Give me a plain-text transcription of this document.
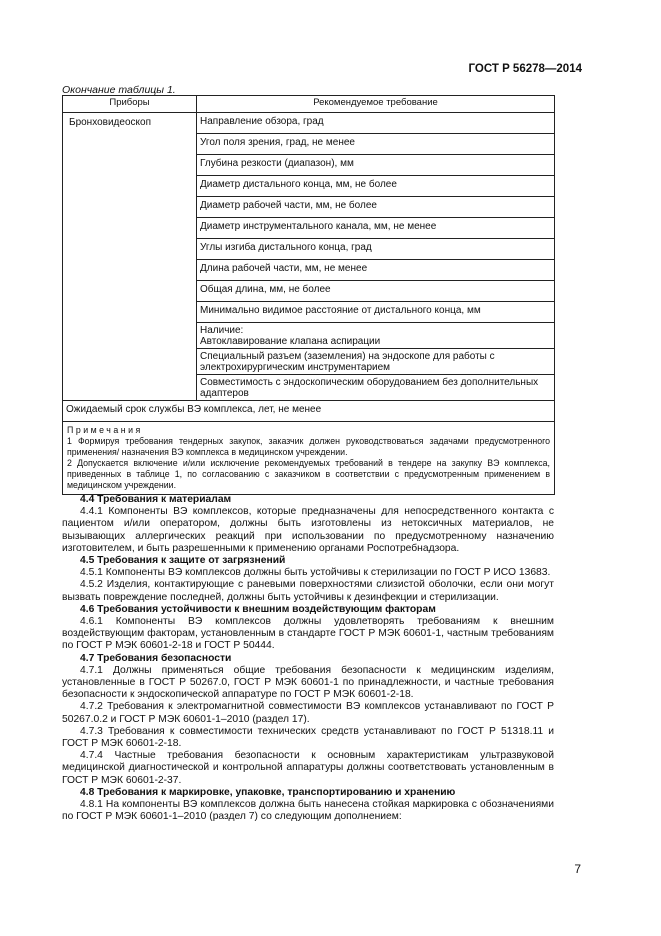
ГОСТ Р 56278—2014
Окончание таблицы 1.
Приборы	Рекомендуемое требование
Бронховидеоскоп	Направление обзора, град
	Угол поля зрения, град, не менее
	Глубина резкости (диапазон), мм
	Диаметр дистального конца, мм, не более
	Диаметр рабочей части, мм, не более
	Диаметр инструментального канала, мм, не менее
	Углы изгиба дистального конца, град
	Длина рабочей части, мм, не менее
	Общая длина, мм, не более
	Минимально видимое расстояние от дистального конца, мм

	Наличие:
Автоклавирование клапана аспирации

	Специальный разъем (заземления) на эндоскопе для работы с электрохирургическим инструментарием
	Совместимость с эндоскопическим оборудованием без дополнительных адаптеров
Ожидаемый срок службы ВЭ комплекса, лет, не менее	

Примечания
1 Формируя требования тендерных закупок, заказчик должен руководствоваться задачами предусмотренного применения/ назначения ВЭ комплекса в медицинском учреждении.
2 Допускается включение и/или исключение рекомендуемых требований в тендере на закупку ВЭ комплекса, приведенных в таблице 1, по согласованию с заказчиком в соответствии с предусмотренным применением в медицинском учреждении.	

4.4 Требования к материалам

4.4.1 Компоненты ВЭ комплексов, которые предназначены для непосредственного контакта с пациентом и/или оператором, должны быть изготовлены из нетоксичных материалов, не вызывающих аллергических реакций при использовании по предусмотренному назначению изготовителем, и быть разрешенными к применению органами Роспотребнадзора.

4.5 Требования к защите от загрязнений

4.5.1 Компоненты ВЭ комплексов должны быть устойчивы к стерилизации по ГОСТ Р ИСО 13683.

4.5.2 Изделия, контактирующие с раневыми поверхностями слизистой оболочки, если они могут вызвать повреждение последней, должны быть устойчивы к дезинфекции и стерилизации.

4.6 Требования устойчивости к внешним воздействующим факторам

4.6.1 Компоненты ВЭ комплексов должны удовлетворять требованиям к внешним воздействующим факторам, установленным в стандарте ГОСТ Р МЭК 60601-1, частным требованиям по ГОСТ Р МЭК 60601-2-18 и ГОСТ Р 50444.

4.7 Требования безопасности

4.7.1 Должны применяться общие требования безопасности к медицинским изделиям, установленные в ГОСТ Р 50267.0, ГОСТ Р МЭК 60601-1 по принадлежности, и частные требования безопасности к эндоскопической аппаратуре по ГОСТ Р МЭК 60601-2-18.

4.7.2 Требования к электромагнитной совместимости ВЭ комплексов устанавливают по ГОСТ Р 50267.0.2 и ГОСТ Р МЭК 60601-1–2010 (раздел 17).

4.7.3 Требования к совместимости технических средств устанавливают по ГОСТ Р 51318.11 и ГОСТ Р МЭК 60601-2-18.

4.7.4 Частные требования безопасности к основным характеристикам ультразвуковой медицинской диагностической и контрольной аппаратуры должны соответствовать установленным в ГОСТ Р МЭК 60601-2-37.

4.8 Требования к маркировке, упаковке, транспортированию и хранению

4.8.1 На компоненты ВЭ комплексов должна быть нанесена стойкая маркировка с обозначениями по ГОСТ Р МЭК 60601-1–2010 (раздел 7) со следующим дополнением:

7
